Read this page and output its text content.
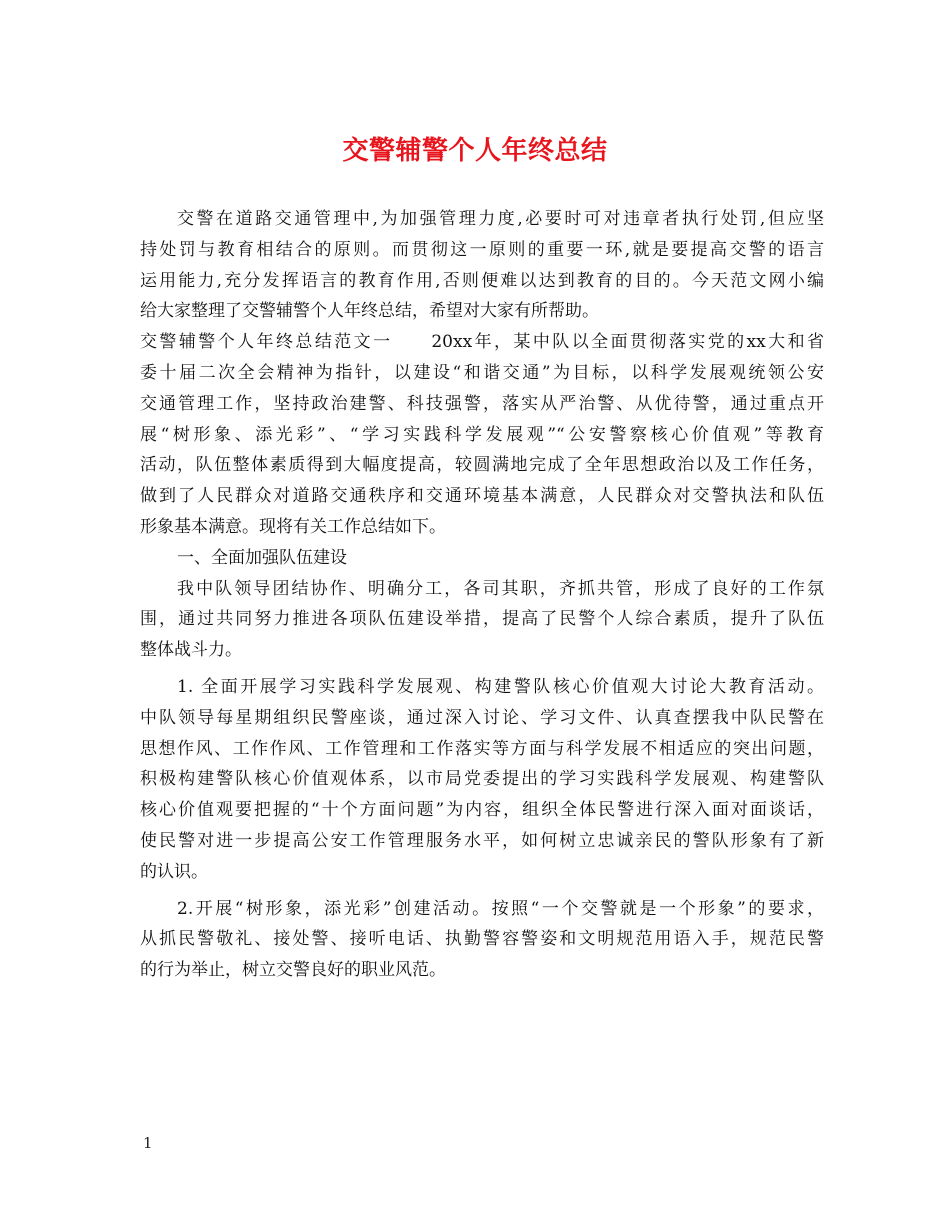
交警辅警个人年终总结
交警在道路交通管理中,为加强管理力度,必要时可对违章者执行处罚,但应坚
持处罚与教育相结合的原则。而贯彻这一原则的重要一环,就是要提高交警的语言
运用能力,充分发挥语言的教育作用,否则便难以达到教育的目的。今天范文网小编
给大家整理了交警辅警个人年终总结，希望对大家有所帮助。
交警辅警个人年终总结范文一　　20xx年，某中队以全面贯彻落实党的xx大和省
委十届二次全会精神为指针，以建设“和谐交通”为目标，以科学发展观统领公安
交通管理工作，坚持政治建警、科技强警，落实从严治警、从优待警，通过重点开
展“树形象、添光彩”、“学习实践科学发展观”“公安警察核心价值观”等教育
活动，队伍整体素质得到大幅度提高，较圆满地完成了全年思想政治以及工作任务，
做到了人民群众对道路交通秩序和交通环境基本满意，人民群众对交警执法和队伍
形象基本满意。现将有关工作总结如下。
一、全面加强队伍建设
我中队领导团结协作、明确分工，各司其职，齐抓共管，形成了良好的工作氛
围，通过共同努力推进各项队伍建设举措，提高了民警个人综合素质，提升了队伍
整体战斗力。
1. 全面开展学习实践科学发展观、构建警队核心价值观大讨论大教育活动。
中队领导每星期组织民警座谈，通过深入讨论、学习文件、认真查摆我中队民警在
思想作风、工作作风、工作管理和工作落实等方面与科学发展不相适应的突出问题，
积极构建警队核心价值观体系，以市局党委提出的学习实践科学发展观、构建警队
核心价值观要把握的“十个方面问题”为内容，组织全体民警进行深入面对面谈话，
使民警对进一步提高公安工作管理服务水平，如何树立忠诚亲民的警队形象有了新
的认识。
2.开展“树形象，添光彩”创建活动。按照“一个交警就是一个形象”的要求，
从抓民警敬礼、接处警、接听电话、执勤警容警姿和文明规范用语入手，规范民警
的行为举止，树立交警良好的职业风范。
1
